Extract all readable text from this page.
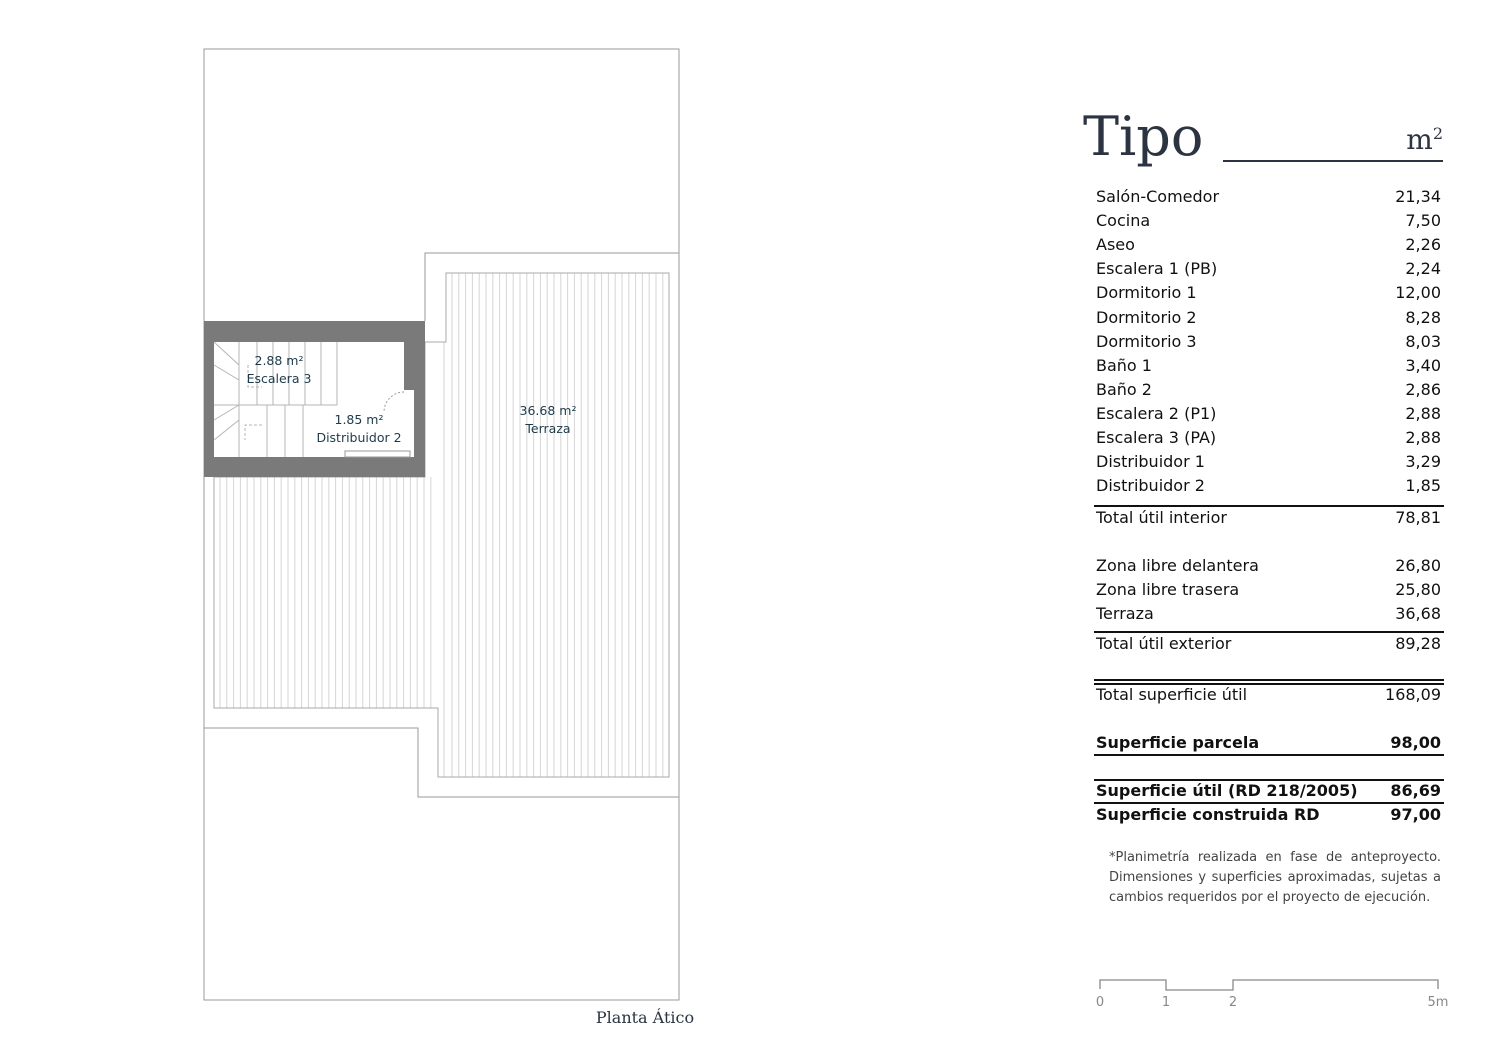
2.88 m²
Escalera 3
1.85 m²
Distribuidor 2
36.68 m²
Terraza
Planta Ático
Tipo	$m^2$
Salón-Comedor	21,34
Cocina	7,50
Aseo	2,26
Escalera 1 (PB)	2,24
Dormitorio 1	12,00
Dormitorio 2	8,28
Dormitorio 3	8,03
Baño 1	3,40
Baño 2	2,86
Escalera 2 (P1)	2,88
Escalera 3 (PA)	2,88
Distribuidor 1	3,29
Distribuidor 2	1,85
Total útil interior	78,81
Zona libre delantera	26,80
Zona libre trasera	25,80
Terraza	36,68
Total útil exterior	89,28
Total superficie útil	168,09
Superficie parcela	98,00
Superficie útil (RD 218/2005) 86,69
Superficie construida RD	97,00
*Planimetría realizada en fase de anteproyecto. Dimensiones y superficies aproximadas, sujetas a cambios requeridos por el proyecto de ejecución.
0	1	2	5m
